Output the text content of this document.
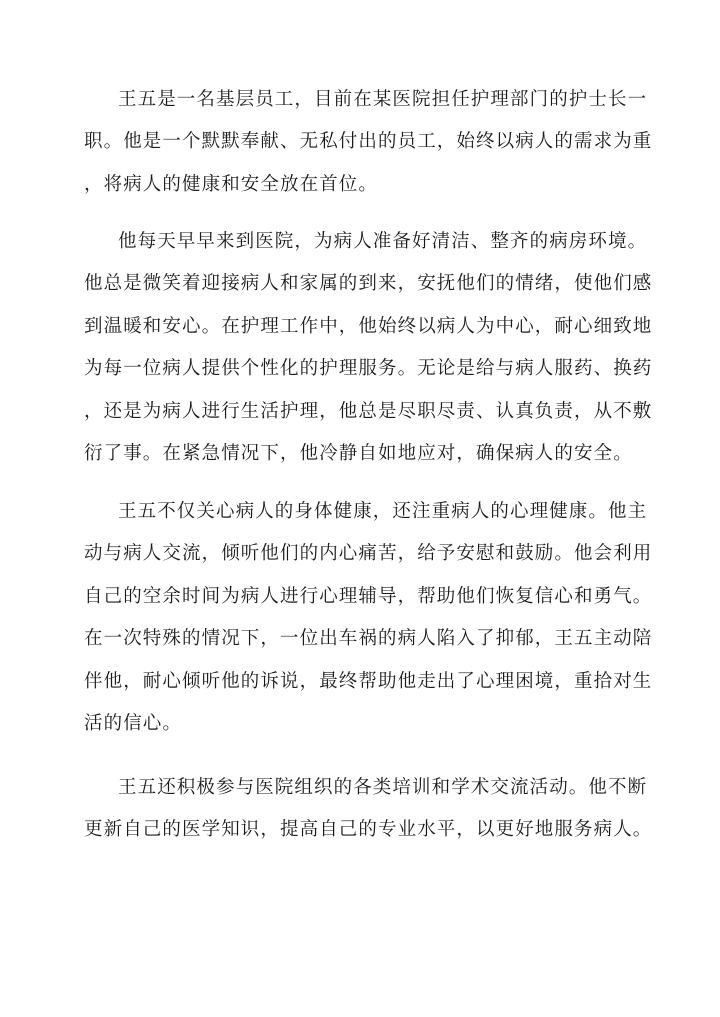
王五是一名基层员工，目前在某医院担任护理部门的护士长一
职。他是一个默默奉献、无私付出的员工，始终以病人的需求为重
，将病人的健康和安全放在首位。
他每天早早来到医院，为病人准备好清洁、整齐的病房环境。
他总是微笑着迎接病人和家属的到来，安抚他们的情绪，使他们感
到温暖和安心。在护理工作中，他始终以病人为中心，耐心细致地
为每一位病人提供个性化的护理服务。无论是给与病人服药、换药
，还是为病人进行生活护理，他总是尽职尽责、认真负责，从不敷
衍了事。在紧急情况下，他冷静自如地应对，确保病人的安全。
王五不仅关心病人的身体健康，还注重病人的心理健康。他主
动与病人交流，倾听他们的内心痛苦，给予安慰和鼓励。他会利用
自己的空余时间为病人进行心理辅导，帮助他们恢复信心和勇气。
在一次特殊的情况下，一位出车祸的病人陷入了抑郁，王五主动陪
伴他，耐心倾听他的诉说，最终帮助他走出了心理困境，重拾对生
活的信心。
王五还积极参与医院组织的各类培训和学术交流活动。他不断
更新自己的医学知识，提高自己的专业水平，以更好地服务病人。
